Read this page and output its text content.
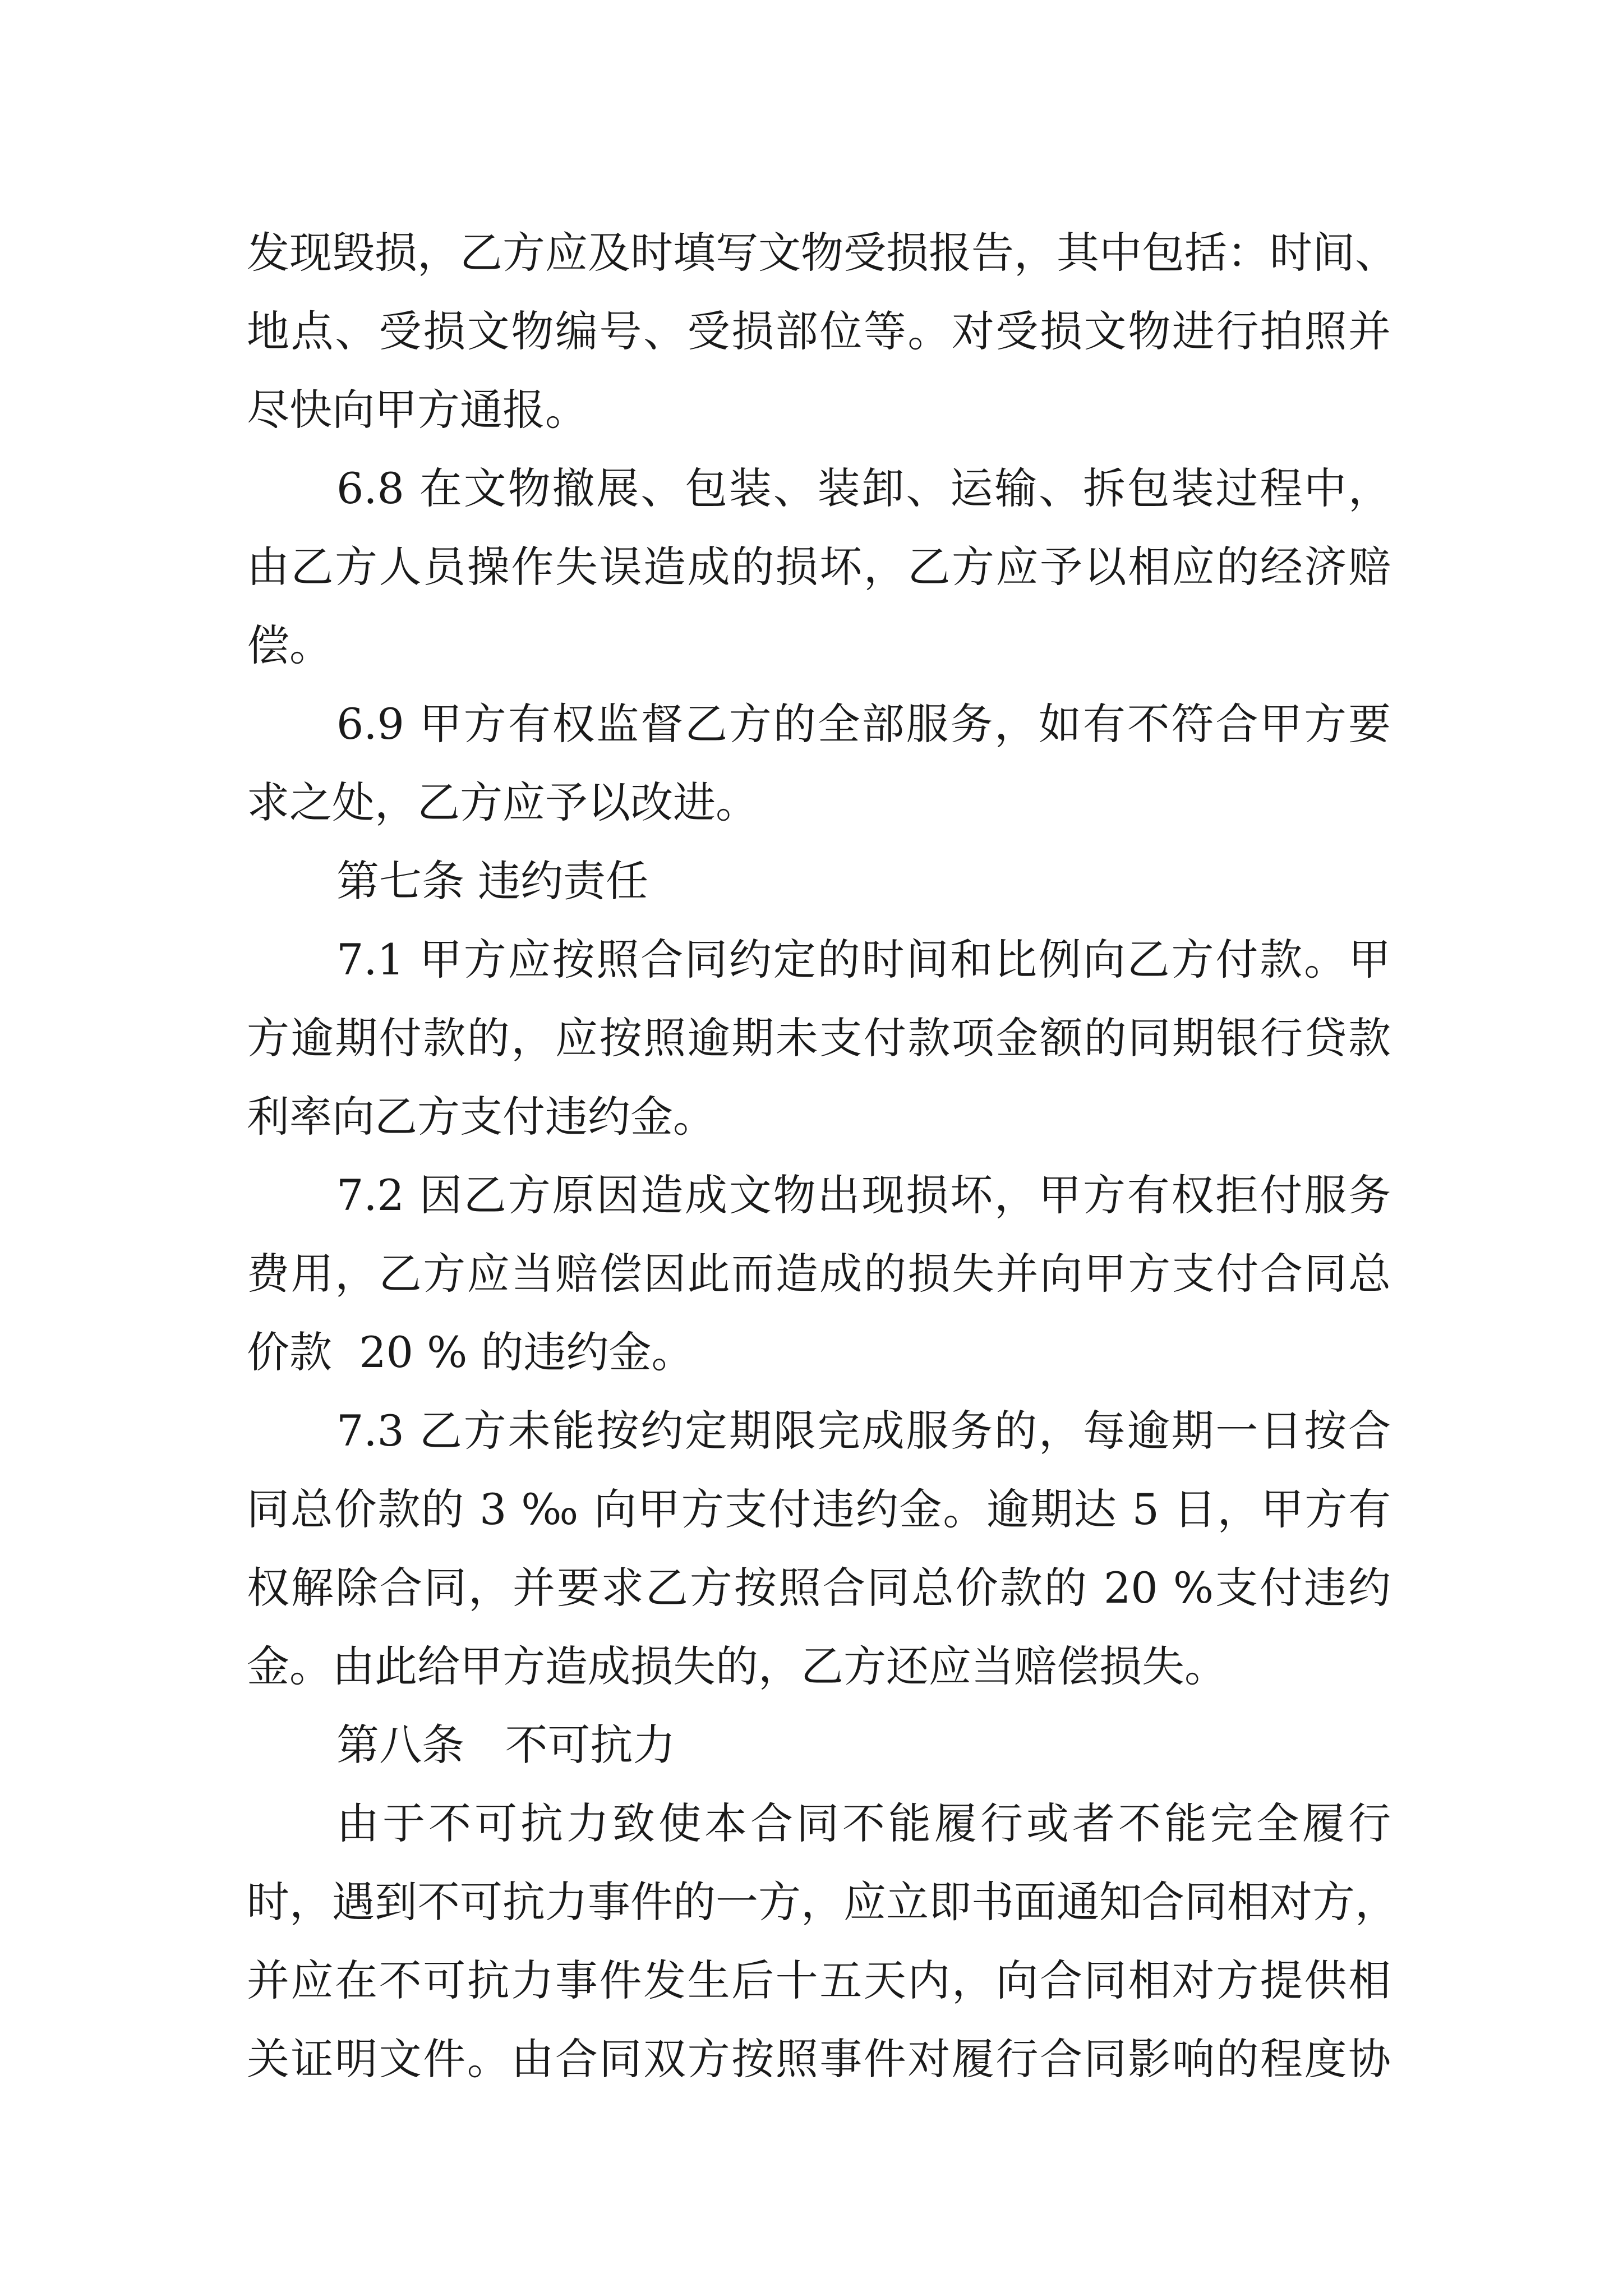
发现毁损，乙方应及时填写文物受损报告，其中包括：时间、
地点、受损文物编号、受损部位等。对受损文物进行拍照并
尽快向甲方通报。
6.8 在文物撤展、包装、装卸、运输、拆包装过程中，
由乙方人员操作失误造成的损坏，乙方应予以相应的经济赔
偿。
6.9 甲方有权监督乙方的全部服务，如有不符合甲方要
求之处，乙方应予以改进。
第七条 违约责任
7.1 甲方应按照合同约定的时间和比例向乙方付款。甲
方逾期付款的，应按照逾期未支付款项金额的同期银行贷款
利率向乙方支付违约金。
7.2 因乙方原因造成文物出现损坏，甲方有权拒付服务
费用，乙方应当赔偿因此而造成的损失并向甲方支付合同总
价款  20 % 的违约金。
7.3 乙方未能按约定期限完成服务的，每逾期一日按合
同总价款的 3 ‰ 向甲方支付违约金。逾期达 5 日，甲方有
权解除合同，并要求乙方按照合同总价款的 20 %支付违约
金。由此给甲方造成损失的，乙方还应当赔偿损失。
第八条   不可抗力
由于不可抗力致使本合同不能履行或者不能完全履行
时，遇到不可抗力事件的一方，应立即书面通知合同相对方，
并应在不可抗力事件发生后十五天内，向合同相对方提供相
关证明文件。由合同双方按照事件对履行合同影响的程度协
